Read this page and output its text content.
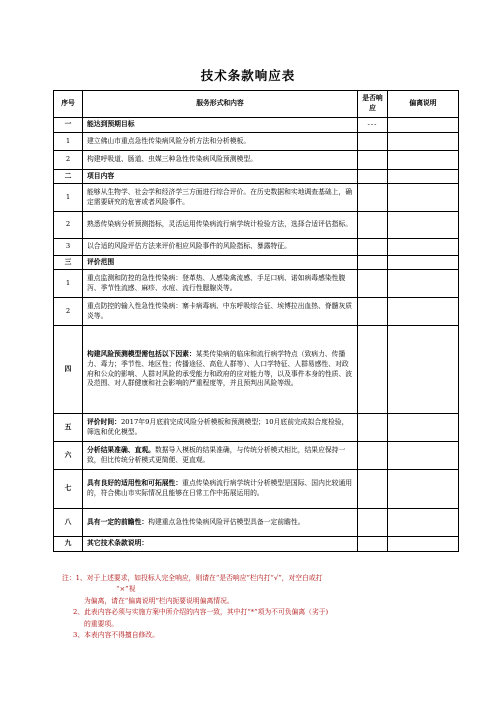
技术条款响应表
序号	服务形式和内容	是否响应	偏离说明
一	能达到预期目标	---	
1	建立佛山市重点急性传染病风险分析方法和分析模板。		
2	构建呼吸道、肠道、虫媒三种急性传染病风险预测模型。		
二	项目内容		
1	能够从生物学、社会学和经济学三方面进行综合评价。在历史数据和实地调查基础上，确定需要研究的危害或者风险事件。		
2	熟悉传染病分析预测指标，灵活运用传染病流行病学统计检验方法，选择合适评估指标。		
3	以合适的风险评估方法来评价相应风险事件的风险指标、暴露特征。		
三	评价范围		
1	重点监测和防控的急性传染病：登革热、人感染禽流感、手足口病、诺如病毒感染性腹泻、季节性流感、麻疹、水痘、流行性腮腺炎等。		
2	重点防控的输入性急性传染病：寨卡病毒病、中东呼吸综合征、埃博拉出血热、脊髓灰质炎等。		
四	构建风险预测模型需包括以下因素：某类传染病的临床和流行病学特点（致病力、传播力、毒力；季节性、地区性；传播途径、高危人群等）、人口学特征、人群易感性、对政府和公众的影响、人群对风险的承受能力和政府的应对能力等，以及事件本身的性质、波及范围、对人群健康和社会影响的严重程度等，并且预判出风险等级。		
五	评价时间：2017年9月底前完成风险分析模板和预测模型；10月底前完成拟合度检验，筛选和优化模型。		
六	分析结果准确、直观。数据导入模板的结果准确，与传统分析模式相比，结果应保持一致，但比传统分析模式更简便、更直观。		
七	具有良好的适用性和可拓展性：重点传染病流行病学统计分析模型是国际、国内比较通用的，符合佛山市实际情况且能够在日常工作中拓展运用的。		
八	具有一定的前瞻性：构建重点急性传染病风险评估模型具备一定前瞻性。		
九	其它技术条款说明：		
注：1、对于上述要求，如投标人完全响应，则请在“是否响应”栏内打“√”，对空白或打
“×”视
为偏离，请在“偏离说明”栏内扼要说明偏离情况。
2、此表内容必须与实施方案中所介绍的内容一致，其中打“*”项为不可负偏离（劣于)
的重要项。
3、本表内容不得擅自修改。
